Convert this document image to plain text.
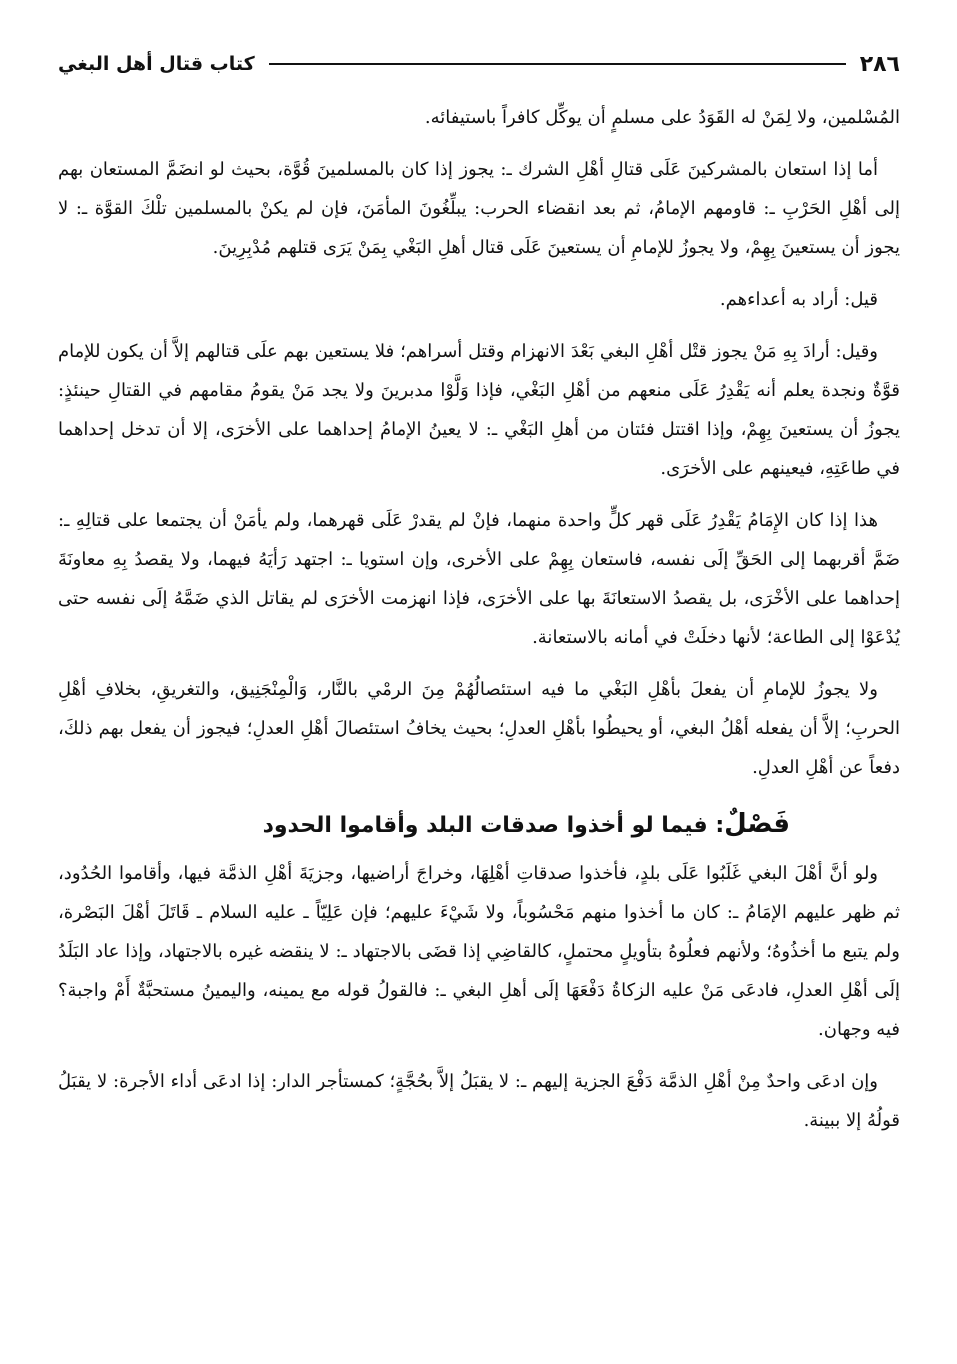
٢٨٦
كتاب قتال أهل البغي

المُسْلمين، ولا لِمَنْ له القَوَدُ على مسلمٍ أن يوكِّل كافراً باستيفائه.

أما إذا استعان بالمشركينَ عَلَى قتالِ أهْلِ الشرك ـ: يجوز إذا كان بالمسلمينَ قُوَّة، بحيث لو انضَمَّ المستعان بهم إلى أهْلِ الحَرْبِ ـ: قاومهم الإمامُ، ثم بعد انقضاء الحرب: يبلِّغُونَ المأمَنَ، فإن لم يكنْ بالمسلمين تلْكَ القوَّة ـ: لا يجوز أن يستعينَ بِهِمْ، ولا يجوزُ للإمامِ أن يستعينَ عَلَى قتال أهلِ البَغْي بِمَنْ يَرَى قتلهم مُدْبِرِينَ.

قيل: أراد به أعداءهم.

وقيل: أرادَ بِهِ مَنْ يجوز قتْل أهْلِ البغي بَعْدَ الانهزام وقتل أسراهم؛ فلا يستعين بهم علَى قتالهم إلاَّ أن يكون للإمام قوَّةٌ ونجدة يعلم أنه يَقْدِرُ عَلَى منعهم من أهْلِ البَغْي، فإذا وَلَّوْا مدبرينَ ولا يجد مَنْ يقومُ مقامهم في القتالِ حينئذٍ: يجوزُ أن يستعينَ بِهِمْ، وإذا اقتتل فئتان من أهلِ البَغْي ـ: لا يعينُ الإمامُ إحداهما على الأخرَى، إلا أن تدخل إحداهما في طاعَتِهِ، فيعينهم على الأخرَى.

هذا إذا كان الإِمَامُ يَقْدِرُ عَلَى قهر كلٍّ واحدة منهما، فإنْ لم يقدرْ عَلَى قهرهما، ولم يأمَنْ أن يجتمعا على قتالِهِ ـ: ضَمَّ أقربهما إلى الحَقِّ إلَى نفسه، فاستعان بِهِمْ على الأخرى، وإن استويا ـ: اجتهد رَأيَهُ فيهما، ولا يقصدُ بِهِ معاونَةَ إحداهما على الأخْرَى، بل يقصدُ الاستعانَةَ بها على الأخرَى، فإذا انهزمت الأخرَى لم يقاتل الذي ضَمَّهُ إلَى نفسه حتى يُدْعَوْا إلى الطاعة؛ لأنها دخلَتْ في أمانه بالاستعانة.

ولا يجوزُ للإمامِ أن يفعلَ بأهْلِ البَغْي ما فيه استئصالُهُمْ مِنَ الرمْي بالنَّار، وَالْمِنْجَنِيق، والتغريقِ، بخلافِ أهْلِ الحربِ؛ إلاَّ أن يفعله أهْلُ البغي، أو يحيطُوا بأهْلِ العدلِ؛ بحيث يخافُ استئصالَ أهْلِ العدلِ؛ فيجوز أن يفعل بهم ذلكَ، دفعاً عن أهْلِ العدلِ.

فَصْلٌ: فيما لو أخذوا صدقات البلد وأقاموا الحدود

ولو أنَّ أهْلَ البغي غَلَبُوا عَلَى بلدٍ، فأخذوا صدقاتِ أهْلِهَا، وخراجَ أراضيها، وجزيَةَ أهْلِ الذمَّة فيها، وأقاموا الحُدُود، ثم ظهر عليهم الإمَامُ ـ: كان ما أخذوا منهم مَحْسُوباً، ولا شَيْءَ عليهم؛ فإن عَلِيّاً ـ عليه السلام ـ قَاتَلَ أهْلَ البَصْرة، ولم يتبع ما أخذُوهُ؛ ولأنهم فعلُوهُ بتأويلٍ محتملٍ، كالقاضِي إذا قضَى بالاجتهاد ـ: لا ينقضه غيره بالاجتهاد، وإذا عاد البَلَدُ إلَى أهْلِ العدلِ، فادعَى مَنْ عليه الزكاةُ دَفْعَهَا إلَى أهلِ البغي ـ: فالقولُ قوله مع يمينه، واليمينُ مستحبَّةٌ أَمْ واجبة؟ فيه وجهان.

وإن ادعَى واحدٌ مِنْ أهْلِ الذمَّة دَفْعَ الجزية إليهم ـ: لا يقبَلُ إلاَّ بحُجَّةٍ؛ كمستأجر الدار: إذا ادعَى أداء الأجرة: لا يقبَلُ قولُهُ إلا ببينة.
